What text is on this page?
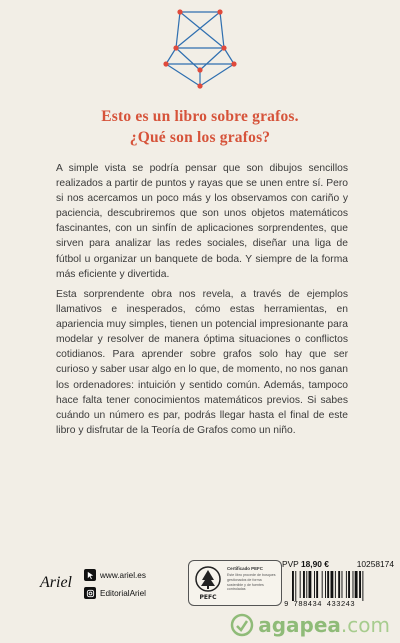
Esto es un libro sobre grafos.
¿Qué son los grafos?

A simple vista se podría pensar que son dibujos sencillos realizados a partir de puntos y rayas que se unen entre sí. Pero si nos acercamos un poco más y los observamos con cariño y paciencia, descubriremos que son unos objetos matemáticos fascinantes, con un sinfín de aplicaciones sorprendentes, que sirven para analizar las redes sociales, diseñar una liga de fútbol u organizar un banquete de boda. Y siempre de la forma más eficiente y divertida.

Esta sorprendente obra nos revela, a través de ejemplos llamativos e inesperados, cómo estas herramientas, en apariencia muy simples, tienen un potencial impresionante para modelar y resolver de manera óptima situaciones o conflictos cotidianos. Para aprender sobre grafos solo hay que ser curioso y saber usar algo en lo que, de momento, no nos ganan los ordenadores: intuición y sentido común. Además, tampoco hace falta tener conocimientos matemáticos previos. Si sabes cuándo un número es par, podrás llegar hasta el final de este libro y disfrutar de la Teoría de Grafos como un niño.

Ariel	www.ariel.es
EditorialAriel	PEFC
Certificado PEFC
Este libro procede de bosques gestionados de forma sostenible y de fuentes controladas
PVP 18,90 €	10258174
9 788434 433243
agapea.com
